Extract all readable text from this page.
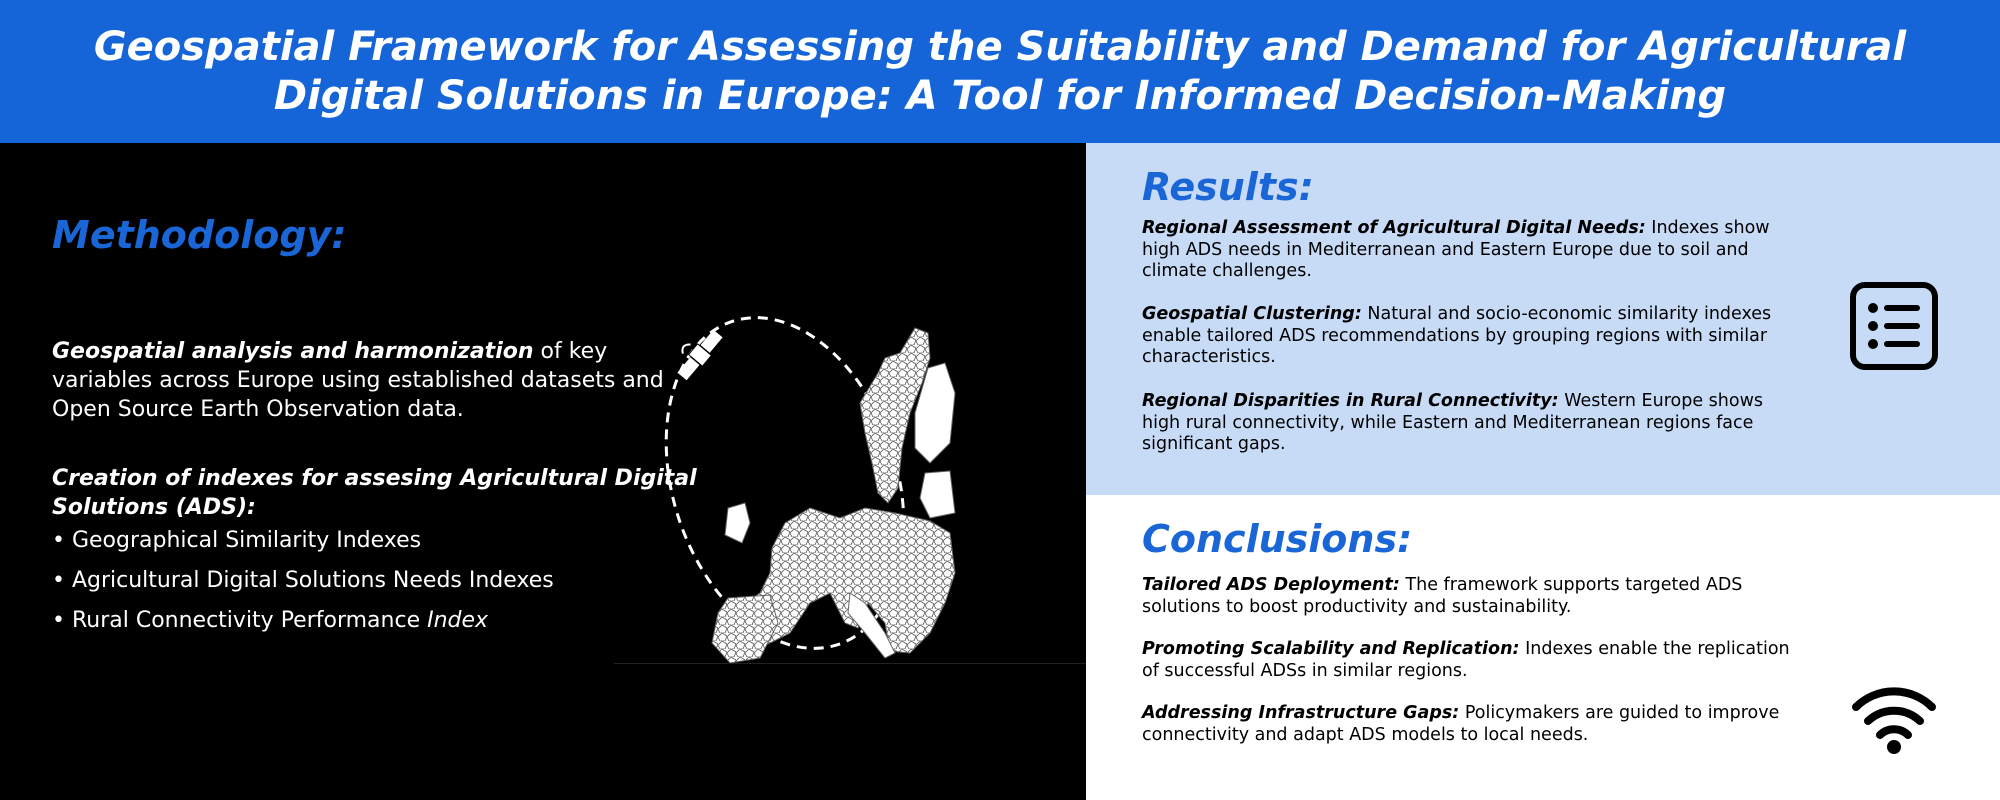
Geospatial Framework for Assessing the Suitability and Demand for Agricultural Digital Solutions in Europe: A Tool for Informed Decision-Making
Methodology:
Geospatial analysis and harmonization of key variables across Europe using established datasets and Open Source Earth Observation data.
Creation of indexes for assesing Agricultural Digital Solutions (ADS):
• Geographical Similarity Indexes
• Agricultural Digital Solutions Needs Indexes
• Rural Connectivity Performance Index
Results:
Regional Assessment of Agricultural Digital Needs: Indexes show high ADS needs in Mediterranean and Eastern Europe due to soil and climate challenges.
Geospatial Clustering: Natural and socio-economic similarity indexes enable tailored ADS recommendations by grouping regions with similar characteristics.
Regional Disparities in Rural Connectivity: Western Europe shows high rural connectivity, while Eastern and Mediterranean regions face significant gaps.
Conclusions:
Tailored ADS Deployment: The framework supports targeted ADS solutions to boost productivity and sustainability.
Promoting Scalability and Replication: Indexes enable the replication of successful ADSs in similar regions.
Addressing Infrastructure Gaps: Policymakers are guided to improve connectivity and adapt ADS models to local needs.
